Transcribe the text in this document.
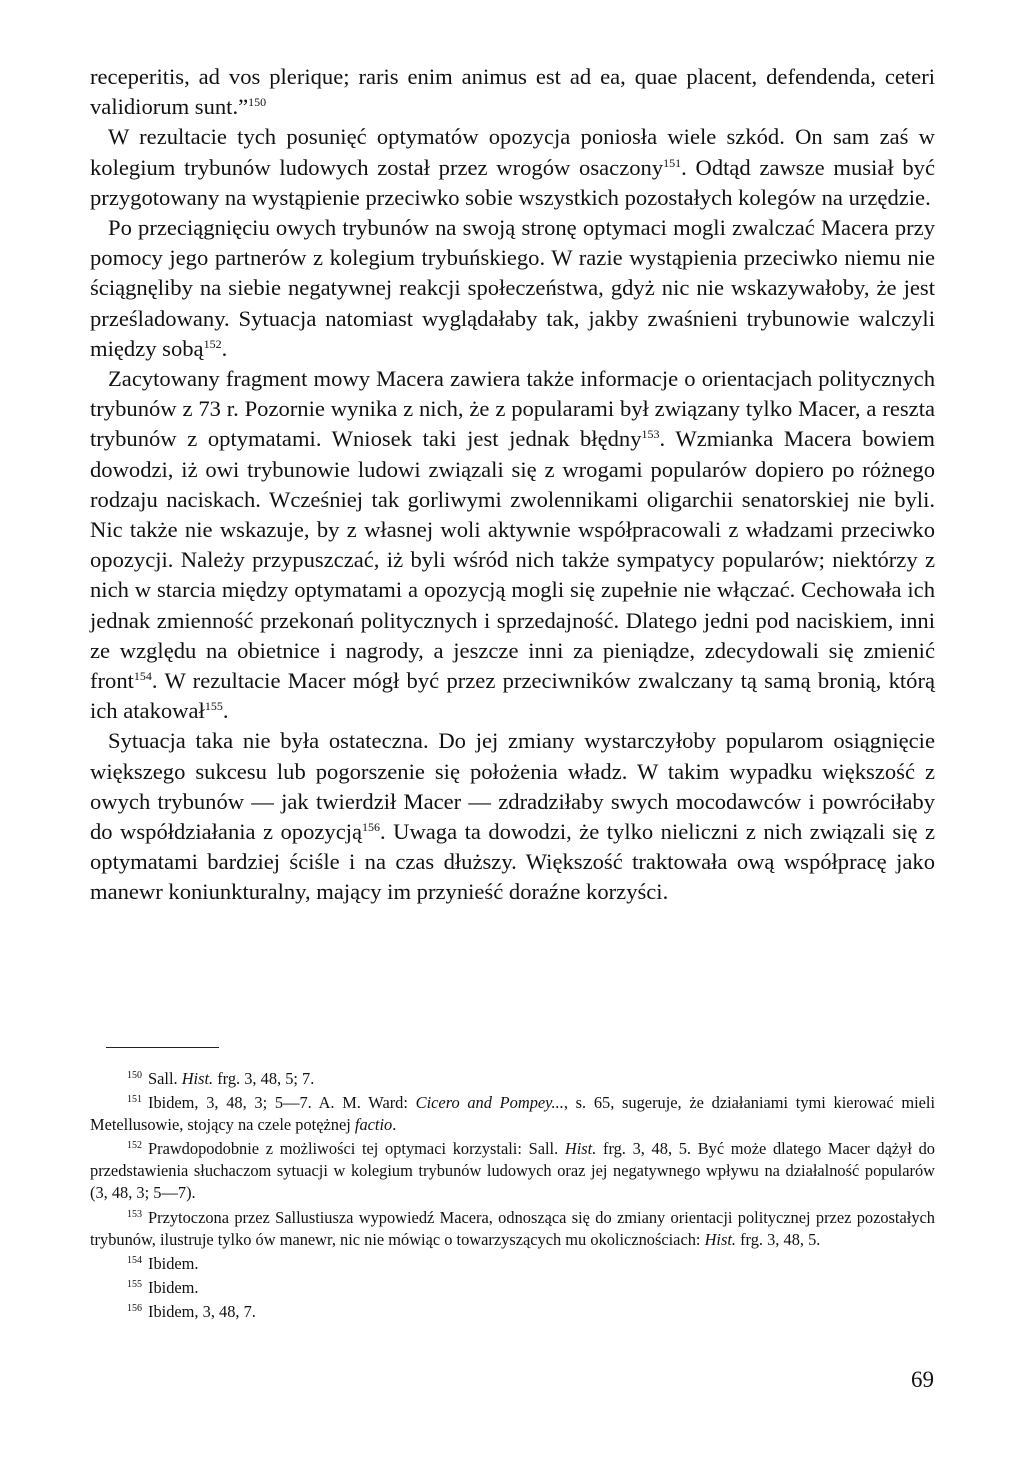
receperitis, ad vos plerique; raris enim animus est ad ea, quae placent, defendenda, ceteri validiorum sunt.”$^{150}$

W rezultacie tych posunięć optymatów opozycja poniosła wiele szkód. On sam zaś w kolegium trybunów ludowych został przez wrogów osaczony$^{151}$. Odtąd zawsze musiał być przygotowany na wystąpienie przeciwko sobie wszystkich pozostałych kolegów na urzędzie.

Po przeciągnięciu owych trybunów na swoją stronę optymaci mogli zwalczać Macera przy pomocy jego partnerów z kolegium trybuńskiego. W razie wystąpienia przeciwko niemu nie ściągnęliby na siebie negatywnej reakcji społeczeństwa, gdyż nic nie wskazywałoby, że jest prześladowany. Sytuacja natomiast wyglądałaby tak, jakby zwaśnieni trybunowie walczyli między sobą$^{152}$.

Zacytowany fragment mowy Macera zawiera także informacje o orientacjach politycznych trybunów z 73 r. Pozornie wynika z nich, że z popularami był związany tylko Macer, a reszta trybunów z optymatami. Wniosek taki jest jednak błędny$^{153}$. Wzmianka Macera bowiem dowodzi, iż owi trybunowie ludowi związali się z wrogami popularów dopiero po różnego rodzaju naciskach. Wcześniej tak gorliwymi zwolennikami oligarchii senatorskiej nie byli. Nic także nie wskazuje, by z własnej woli aktywnie współpracowali z władzami przeciwko opozycji. Należy przypuszczać, iż byli wśród nich także sympatycy popularów; niektórzy z nich w starcia między optymatami a opozycją mogli się zupełnie nie włączać. Cechowała ich jednak zmienność przekonań politycznych i sprzedajność. Dlatego jedni pod naciskiem, inni ze względu na obietnice i nagrody, a jeszcze inni za pieniądze, zdecydowali się zmienić front$^{154}$. W rezultacie Macer mógł być przez przeciwników zwalczany tą samą bronią, którą ich atakował$^{155}$.

Sytuacja taka nie była ostateczna. Do jej zmiany wystarczyłoby popularom osiągnięcie większego sukcesu lub pogorszenie się położenia władz. W takim wypadku większość z owych trybunów — jak twierdził Macer — zdradziłaby swych mocodawców i powróciłaby do współdziałania z opozycją$^{156}$. Uwaga ta dowodzi, że tylko nieliczni z nich związali się z optymatami bardziej ściśle i na czas dłuższy. Większość traktowała ową współpracę jako manewr koniunkturalny, mający im przynieść doraźne korzyści.

$^{150}$ Sall. Hist. frg. 3, 48, 5; 7.

$^{151}$ Ibidem, 3, 48, 3; 5—7. A. M. Ward: Cicero and Pompey..., s. 65, sugeruje, że działaniami tymi kierować mieli Metellusowie, stojący na czele potężnej factio.

$^{152}$ Prawdopodobnie z możliwości tej optymaci korzystali: Sall. Hist. frg. 3, 48, 5. Być może dlatego Macer dążył do przedstawienia słuchaczom sytuacji w kolegium trybunów ludowych oraz jej negatywnego wpływu na działalność popularów (3, 48, 3; 5—7).

$^{153}$ Przytoczona przez Sallustiusza wypowiedź Macera, odnosząca się do zmiany orientacji politycznej przez pozostałych trybunów, ilustruje tylko ów manewr, nic nie mówiąc o towarzyszących mu okolicznościach: Hist. frg. 3, 48, 5.

$^{154}$ Ibidem.

$^{155}$ Ibidem.

$^{156}$ Ibidem, 3, 48, 7.

69
